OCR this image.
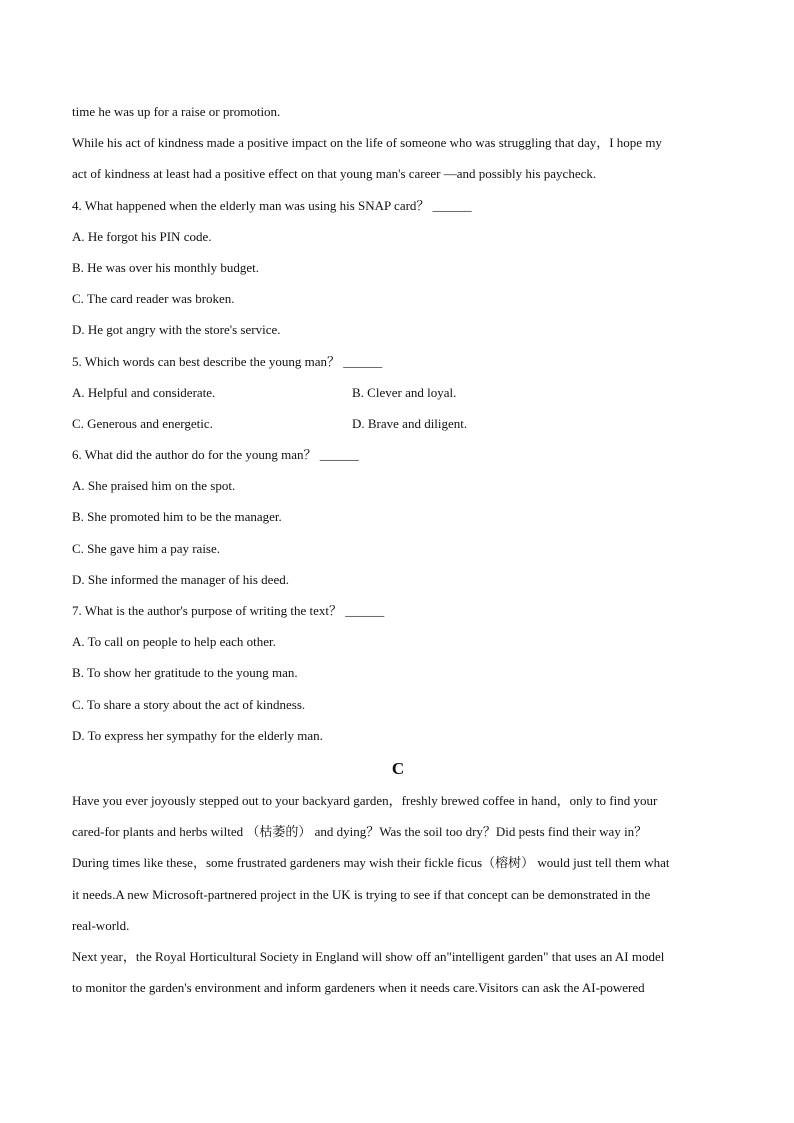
time he was up for a raise or promotion.
While his act of kindness made a positive impact on the life of someone who was struggling that day，I hope my
act of kindness at least had a positive effect on that young man's career —and possibly his paycheck.
4. What happened when the elderly man was using his SNAP card？ ______
A. He forgot his PIN code.
B. He was over his monthly budget.
C. The card reader was broken.
D. He got angry with the store's service.
5. Which words can best describe the young man？ ______
A. Helpful and considerate.	B. Clever and loyal.
C. Generous and energetic.	D. Brave and diligent.
6. What did the author do for the young man？ ______
A. She praised him on the spot.
B. She promoted him to be the manager.
C. She gave him a pay raise.
D. She informed the manager of his deed.
7. What is the author's purpose of writing the text？ ______
A. To call on people to help each other.
B. To show her gratitude to the young man.
C. To share a story about the act of kindness.
D. To express her sympathy for the elderly man.
C
Have you ever joyously stepped out to your backyard garden，freshly brewed coffee in hand，only to find your
cared-for plants and herbs wilted （枯萎的） and dying？Was the soil too dry？Did pests find their way in？
During times like these，some frustrated gardeners may wish their fickle ficus（榕树） would just tell them what
it needs.A new Microsoft-partnered project in the UK is trying to see if that concept can be demonstrated in the
real-world.
Next year，the Royal Horticultural Society in England will show off an"intelligent garden" that uses an AI model
to monitor the garden's environment and inform gardeners when it needs care.Visitors can ask the AI-powered
